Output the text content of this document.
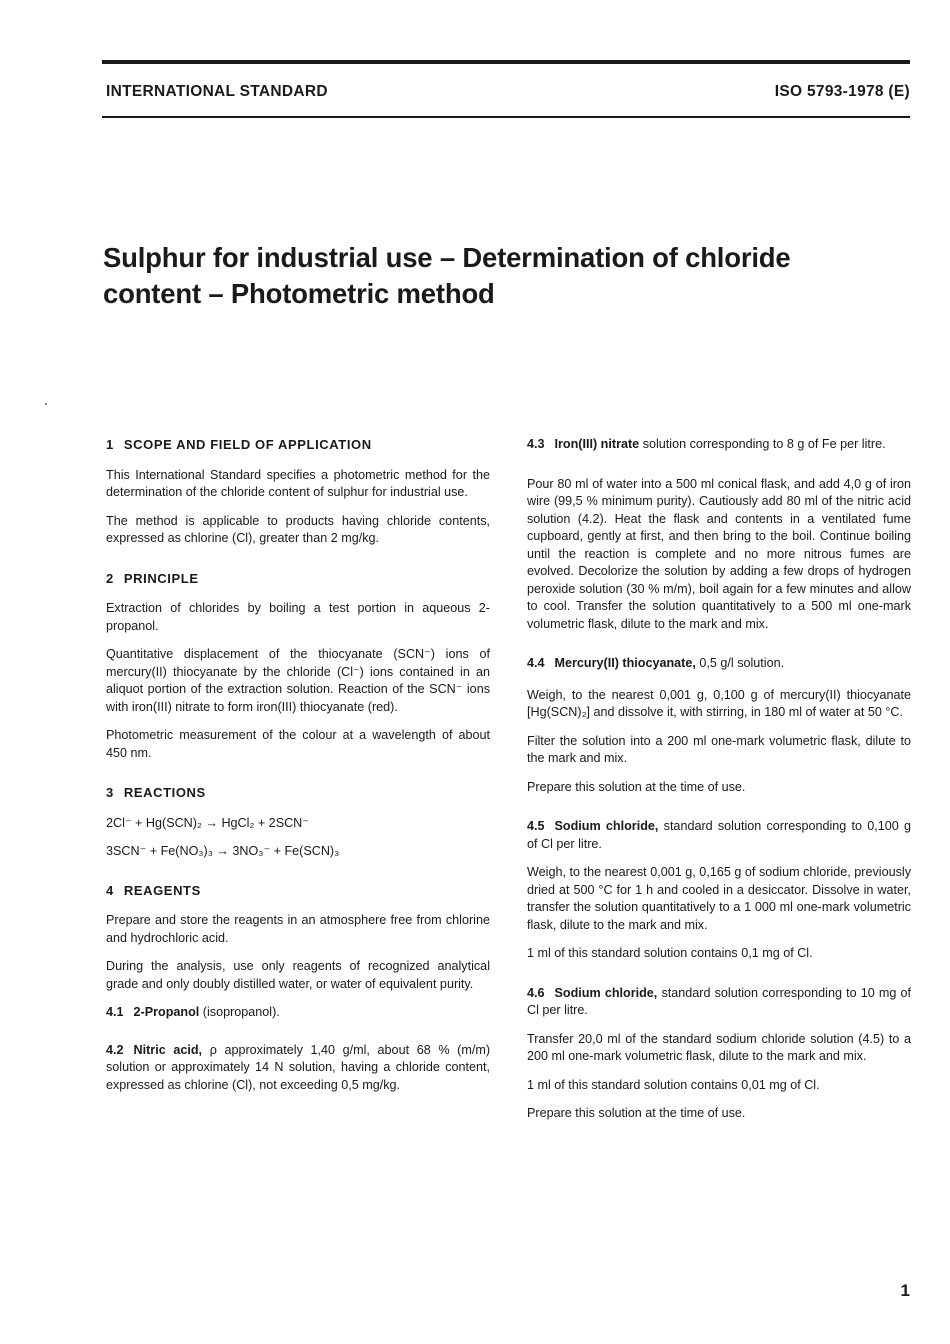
INTERNATIONAL STANDARD	ISO 5793-1978 (E)
Sulphur for industrial use – Determination of chloride
content – Photometric method
1 SCOPE AND FIELD OF APPLICATION

This International Standard specifies a photometric method for the determination of the chloride content of sulphur for industrial use.

The method is applicable to products having chloride contents, expressed as chlorine (Cl), greater than 2 mg/kg.

2 PRINCIPLE

Extraction of chlorides by boiling a test portion in aqueous 2-propanol.

Quantitative displacement of the thiocyanate (SCN⁻) ions of mercury(II) thiocyanate by the chloride (Cl⁻) ions contained in an aliquot portion of the extraction solution. Reaction of the SCN⁻ ions with iron(III) nitrate to form iron(III) thiocyanate (red).

Photometric measurement of the colour at a wavelength of about 450 nm.

3 REACTIONS

2Cl⁻ + Hg(SCN)₂ → HgCl₂ + 2SCN⁻

3SCN⁻ + Fe(NO₃)₃ → 3NO₃⁻ + Fe(SCN)₃

4 REAGENTS

Prepare and store the reagents in an atmosphere free from chlorine and hydrochloric acid.

During the analysis, use only reagents of recognized analytical grade and only doubly distilled water, or water of equivalent purity.

4.1 2-Propanol (isopropanol).

4.2 Nitric acid, ρ approximately 1,40 g/ml, about 68 % (m/m) solution or approximately 14 N solution, having a chloride content, expressed as chlorine (Cl), not exceeding 0,5 mg/kg.

4.3 Iron(III) nitrate solution corresponding to 8 g of Fe per litre.

Pour 80 ml of water into a 500 ml conical flask, and add 4,0 g of iron wire (99,5 % minimum purity). Cautiously add 80 ml of the nitric acid solution (4.2). Heat the flask and contents in a ventilated fume cupboard, gently at first, and then bring to the boil. Continue boiling until the reaction is complete and no more nitrous fumes are evolved. Decolorize the solution by adding a few drops of hydrogen peroxide solution (30 % m/m), boil again for a few minutes and allow to cool. Transfer the solution quantitatively to a 500 ml one-mark volumetric flask, dilute to the mark and mix.

4.4 Mercury(II) thiocyanate, 0,5 g/l solution.

Weigh, to the nearest 0,001 g, 0,100 g of mercury(II) thiocyanate [Hg(SCN)₂] and dissolve it, with stirring, in 180 ml of water at 50 °C.

Filter the solution into a 200 ml one-mark volumetric flask, dilute to the mark and mix.

Prepare this solution at the time of use.

4.5 Sodium chloride, standard solution corresponding to 0,100 g of Cl per litre.

Weigh, to the nearest 0,001 g, 0,165 g of sodium chloride, previously dried at 500 °C for 1 h and cooled in a desiccator. Dissolve in water, transfer the solution quantitatively to a 1 000 ml one-mark volumetric flask, dilute to the mark and mix.

1 ml of this standard solution contains 0,1 mg of Cl.

4.6 Sodium chloride, standard solution corresponding to 10 mg of Cl per litre.

Transfer 20,0 ml of the standard sodium chloride solution (4.5) to a 200 ml one-mark volumetric flask, dilute to the mark and mix.

1 ml of this standard solution contains 0,01 mg of Cl.

Prepare this solution at the time of use.

1
